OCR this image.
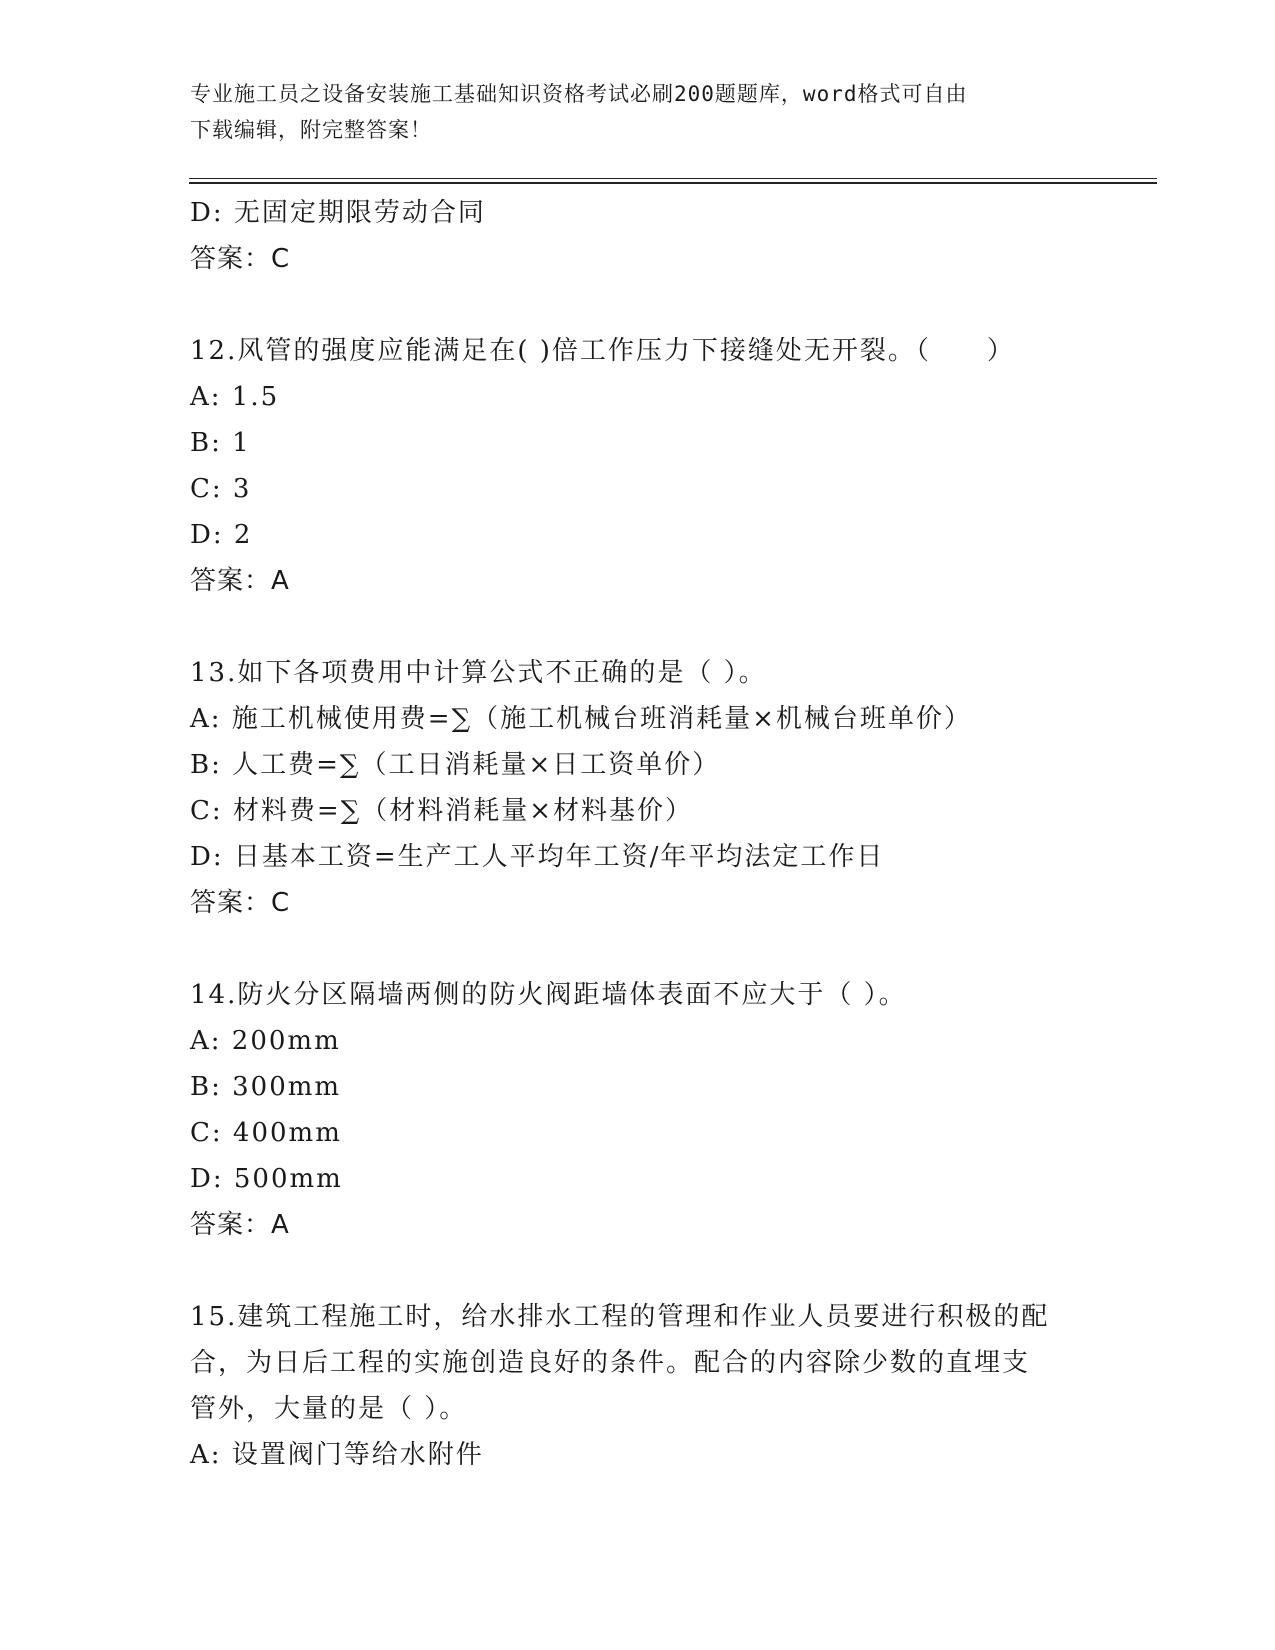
专业施工员之设备安装施工基础知识资格考试必刷200题题库，word格式可自由
下载编辑，附完整答案！
D: 无固定期限劳动合同
答案：C
12.风管的强度应能满足在( )倍工作压力下接缝处无开裂。（　　）
A: 1.5
B: 1
C: 3
D: 2
答案：A
13.如下各项费用中计算公式不正确的是（ ）。
A: 施工机械使用费=∑（施工机械台班消耗量×机械台班单价）
B: 人工费=∑（工日消耗量×日工资单价）
C: 材料费=∑（材料消耗量×材料基价）
D: 日基本工资=生产工人平均年工资/年平均法定工作日
答案：C
14.防火分区隔墙两侧的防火阀距墙体表面不应大于（ ）。
A: 200mm
B: 300mm
C: 400mm
D: 500mm
答案：A
15.建筑工程施工时，给水排水工程的管理和作业人员要进行积极的配
合，为日后工程的实施创造良好的条件。配合的内容除少数的直埋支
管外，大量的是（ ）。
A: 设置阀门等给水附件
